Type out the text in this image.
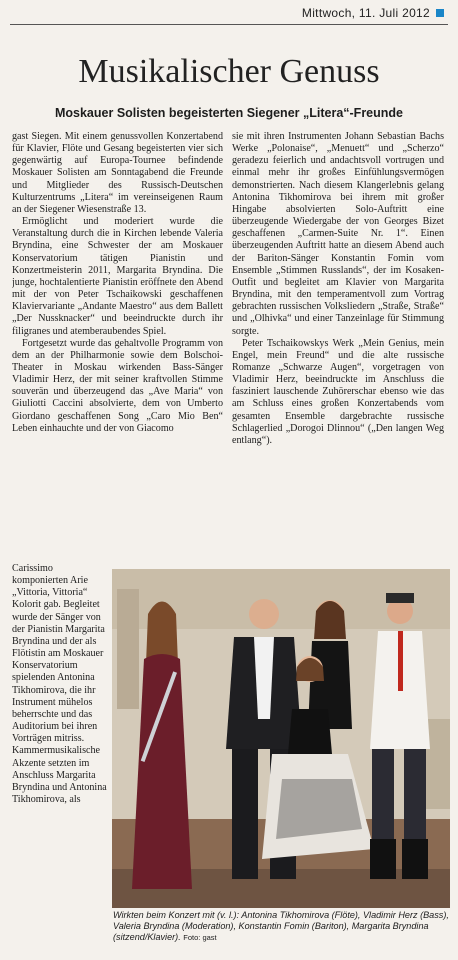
Mittwoch, 11. Juli 2012
Musikalischer Genuss
Moskauer Solisten begeisterten Siegener „Litera“-Freunde

gast Siegen. Mit einem genussvollen Konzertabend für Klavier, Flöte und Gesang begeisterten vier sich gegenwärtig auf Europa-Tournee befindende Moskauer Solisten am Sonntagabend die Freunde und Mitglieder des Russisch-Deutschen Kulturzentrums „Litera“ im vereinseigenen Raum an der Siegener Wiesenstraße 13.

Ermöglicht und moderiert wurde die Veranstaltung durch die in Kirchen lebende Valeria Bryndina, eine Schwester der am Moskauer Konservatorium tätigen Pianistin und Konzertmeisterin 2011, Margarita Bryndina. Die junge, hochtalentierte Pianistin eröffnete den Abend mit der von Peter Tschaikowski geschaffenen Klaviervariante „Andante Maestro“ aus dem Ballett „Der Nussknacker“ und beeindruckte durch ihr filigranes und atemberaubendes Spiel.

Fortgesetzt wurde das gehaltvolle Programm von dem an der Philharmonie sowie dem Bolschoi-Theater in Moskau wirkenden Bass-Sänger Vladimir Herz, der mit seiner kraftvollen Stimme souverän und überzeugend das „Ave Maria“ von Giuliotti Caccini absolvierte, dem von Umberto Giordano geschaffenen Song „Caro Mio Ben“ Leben einhauchte und der von Giacomo

Carissimo komponierten Arie „Vittoria, Vittoria“ Kolorit gab. Begleitet wurde der Sänger von der Pianistin Margarita Bryndina und der als Flötistin am Moskauer Konservatorium spielenden Antonina Tikhomirova, die ihr Instrument mühelos beherrschte und das Auditorium bei ihren Vorträgen mitriss. Kammermusikalische Akzente setzten im Anschluss Margarita Bryndina und Antonina Tikhomirova, als

sie mit ihren Instrumenten Johann Sebastian Bachs Werke „Polonaise“, „Menuett“ und „Scherzo“ geradezu feierlich und andachtsvoll vortrugen und einmal mehr ihr großes Einfühlungsvermögen demonstrierten. Nach diesem Klangerlebnis gelang Antonina Tikhomirova bei ihrem mit großer Hingabe absolvierten Solo-Auftritt eine überzeugende Wiedergabe der von Georges Bizet geschaffenen „Carmen-Suite Nr. 1“. Einen überzeugenden Auftritt hatte an diesem Abend auch der Bariton-Sänger Konstantin Fomin vom Ensemble „Stimmen Russlands“, der im Kosaken-Outfit und begleitet am Klavier von Margarita Bryndina, mit den temperamentvoll zum Vortrag gebrachten russischen Volksliedern „Straße, Straße“ und „Olhivka“ und einer Tanzeinlage für Stimmung sorgte.

Peter Tschaikowskys Werk „Mein Genius, mein Engel, mein Freund“ und die alte russische Romanze „Schwarze Augen“, vorgetragen von Vladimir Herz, beeindruckte im Anschluss die fasziniert lauschende Zuhörerschar ebenso wie das am Schluss eines großen Konzertabends vom gesamten Ensemble dargebrachte russische Schlagerlied „Dorogoi Dlinnou“ („Den langen Weg entlang“).

Wirkten beim Konzert mit (v. l.): Antonina Tikhomirova (Flöte), Vladimir Herz (Bass), Valeria Bryndina (Moderation), Konstantin Fomin (Bariton), Margarita Bryndina (sitzend/Klavier). Foto: gast
